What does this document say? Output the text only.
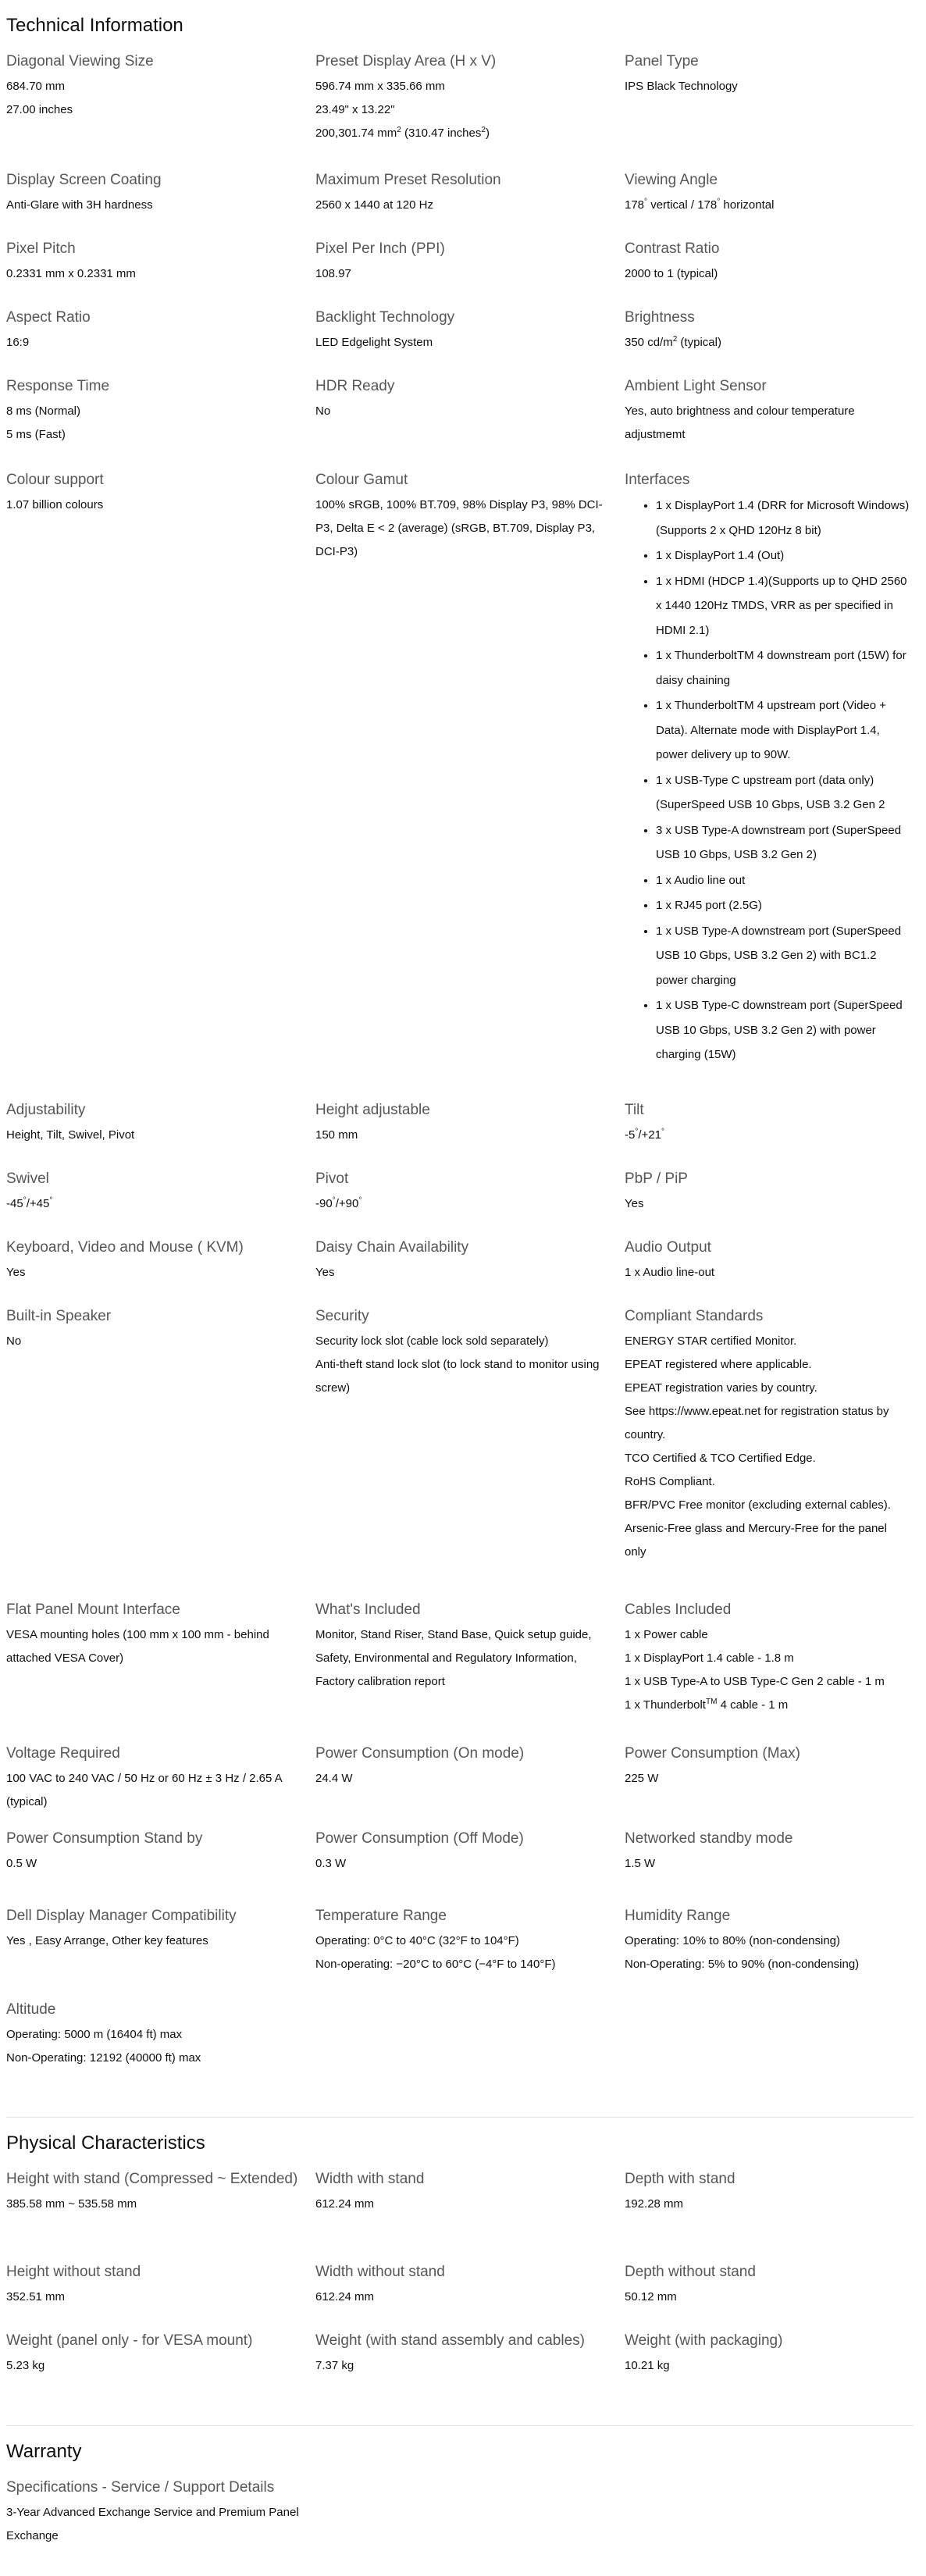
Technical Information
Diagonal Viewing Size

684.70 mm

27.00 inches

Preset Display Area (H x V)

596.74 mm x 335.66 mm

23.49" x 13.22"

200,301.74 $mm^2$ (310.47 inches$^2$)

Panel Type

IPS Black Technology

Display Screen Coating

Anti-Glare with 3H hardness

Maximum Preset Resolution

2560 x 1440 at 120 Hz

Viewing Angle

178° vertical / 178° horizontal

Pixel Pitch

0.2331 mm x 0.2331 mm

Pixel Per Inch (PPI)

108.97

Contrast Ratio

2000 to 1 (typical)

Aspect Ratio

16:9

Backlight Technology

LED Edgelight System

Brightness

350 $cd/m^2$ (typical)

Response Time

8 ms (Normal)

5 ms (Fast)

HDR Ready

No

Ambient Light Sensor

Yes, auto brightness and colour temperature adjustmemt

Colour support

1.07 billion colours

Colour Gamut

100% sRGB, 100% BT.709, 98% Display P3, 98% DCI-P3, Delta E < 2 (average) (sRGB, BT.709, Display P3, DCI-P3)

Interfaces
• 1 x DisplayPort 1.4 (DRR for Microsoft Windows) (Supports 2 x QHD 120Hz 8 bit)
• 1 x DisplayPort 1.4 (Out)
• 1 x HDMI (HDCP 1.4)(Supports up to QHD 2560 x 1440 120Hz TMDS, VRR as per specified in HDMI 2.1)
• 1 x ThunderboltTM 4 downstream port (15W) for daisy chaining
• 1 x ThunderboltTM 4 upstream port (Video + Data). Alternate mode with DisplayPort 1.4, power delivery up to 90W.
• 1 x USB-Type C upstream port (data only) (SuperSpeed USB 10 Gbps, USB 3.2 Gen 2
• 3 x USB Type-A downstream port (SuperSpeed USB 10 Gbps, USB 3.2 Gen 2)
• 1 x Audio line out
• 1 x RJ45 port (2.5G)
• 1 x USB Type-A downstream port (SuperSpeed USB 10 Gbps, USB 3.2 Gen 2) with BC1.2 power charging
• 1 x USB Type-C downstream port (SuperSpeed USB 10 Gbps, USB 3.2 Gen 2) with power charging (15W)
Adjustability

Height, Tilt, Swivel, Pivot

Height adjustable

150 mm

Tilt

-5°/+21°

Swivel

-45°/+45°

Pivot

-90°/+90°

PbP / PiP

Yes

Keyboard, Video and Mouse ( KVM)

Yes

Daisy Chain Availability

Yes

Audio Output

1 x Audio line-out

Built-in Speaker

No

Security

Security lock slot (cable lock sold separately)

Anti-theft stand lock slot (to lock stand to monitor using screw)

Compliant Standards

ENERGY STAR certified Monitor.

EPEAT registered where applicable.

EPEAT registration varies by country.

See https://www.epeat.net for registration status by country.

TCO Certified & TCO Certified Edge.

RoHS Compliant.

BFR/PVC Free monitor (excluding external cables).

Arsenic-Free glass and Mercury-Free for the panel only

Flat Panel Mount Interface

VESA mounting holes (100 mm x 100 mm - behind attached VESA Cover)

What's Included

Monitor, Stand Riser, Stand Base, Quick setup guide, Safety, Environmental and Regulatory Information, Factory calibration report

Cables Included

1 x Power cable

1 x DisplayPort 1.4 cable - 1.8 m

1 x USB Type-A to USB Type-C Gen 2 cable - 1 m

1 x Thunderbolt™ 4 cable - 1 m

Voltage Required

100 VAC to 240 VAC / 50 Hz or 60 Hz ± 3 Hz / 2.65 A (typical)

Power Consumption (On mode)

24.4 W

Power Consumption (Max)

225 W

Power Consumption Stand by

0.5 W

Power Consumption (Off Mode)

0.3 W

Networked standby mode

1.5 W

Dell Display Manager Compatibility

Yes , Easy Arrange, Other key features

Temperature Range

Operating: 0°C to 40°C (32°F to 104°F)

Non-operating: −20°C to 60°C (−4°F to 140°F)

Humidity Range

Operating: 10% to 80% (non-condensing)

Non-Operating: 5% to 90% (non-condensing)

Altitude

Operating: 5000 m (16404 ft) max

Non-Operating: 12192 (40000 ft) max

Physical Characteristics
Height with stand (Compressed ~ Extended)

385.58 mm ~ 535.58 mm

Width with stand

612.24 mm

Depth with stand

192.28 mm

Height without stand

352.51 mm

Width without stand

612.24 mm

Depth without stand

50.12 mm

Weight (panel only - for VESA mount)

5.23 kg

Weight (with stand assembly and cables)

7.37 kg

Weight (with packaging)

10.21 kg

Warranty
Specifications - Service / Support Details

3-Year Advanced Exchange Service and Premium Panel Exchange
